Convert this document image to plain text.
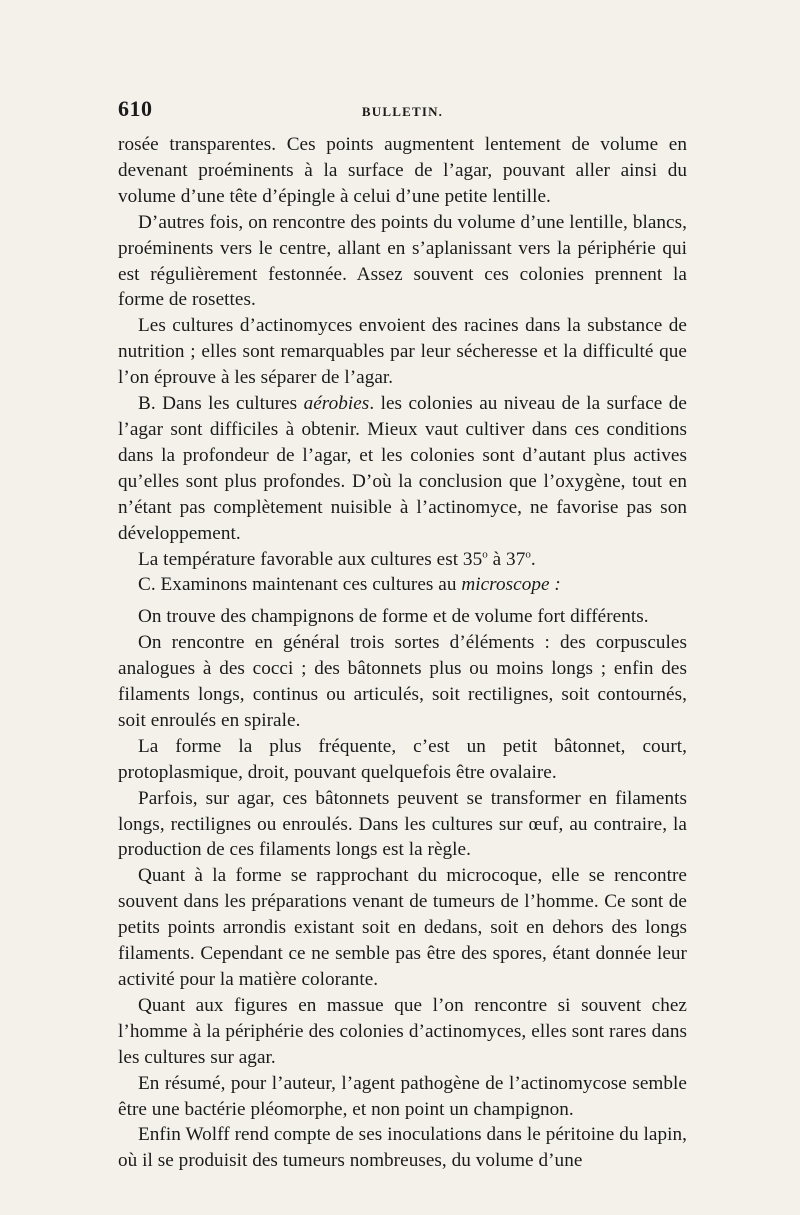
610	BULLETIN.

rosée transparentes. Ces points augmentent lentement de volume en devenant proéminents à la surface de l’agar, pouvant aller ainsi du volume d’une tête d’épingle à celui d’une petite lentille.

D’autres fois, on rencontre des points du volume d’une lentille, blancs, proéminents vers le centre, allant en s’aplanissant vers la périphérie qui est régulièrement festonnée. Assez souvent ces colonies prennent la forme de rosettes.

Les cultures d’actinomyces envoient des racines dans la substance de nutrition ; elles sont remarquables par leur sécheresse et la difficulté que l’on éprouve à les séparer de l’agar.

B. Dans les cultures aérobies. les colonies au niveau de la surface de l’agar sont difficiles à obtenir. Mieux vaut cultiver dans ces conditions dans la profondeur de l’agar, et les colonies sont d’autant plus actives qu’elles sont plus profondes. D’où la conclusion que l’oxygène, tout en n’étant pas complètement nuisible à l’actinomyce, ne favorise pas son développement.

La température favorable aux cultures est 35$^o$ à 37$^o$.

C. Examinons maintenant ces cultures au microscope :

On trouve des champignons de forme et de volume fort différents.

On rencontre en général trois sortes d’éléments : des corpuscules analogues à des cocci ; des bâtonnets plus ou moins longs ; enfin des filaments longs, continus ou articulés, soit rectilignes, soit contournés, soit enroulés en spirale.

La forme la plus fréquente, c’est un petit bâtonnet, court, protoplasmique, droit, pouvant quelquefois être ovalaire.

Parfois, sur agar, ces bâtonnets peuvent se transformer en filaments longs, rectilignes ou enroulés. Dans les cultures sur œuf, au contraire, la production de ces filaments longs est la règle.

Quant à la forme se rapprochant du microcoque, elle se rencontre souvent dans les préparations venant de tumeurs de l’homme. Ce sont de petits points arrondis existant soit en dedans, soit en dehors des longs filaments. Cependant ce ne semble pas être des spores, étant donnée leur activité pour la matière colorante.

Quant aux figures en massue que l’on rencontre si souvent chez l’homme à la périphérie des colonies d’actinomyces, elles sont rares dans les cultures sur agar.

En résumé, pour l’auteur, l’agent pathogène de l’actinomycose semble être une bactérie pléomorphe, et non point un champignon.

Enfin Wolff rend compte de ses inoculations dans le péritoine du lapin, où il se produisit des tumeurs nombreuses, du volume d’une
